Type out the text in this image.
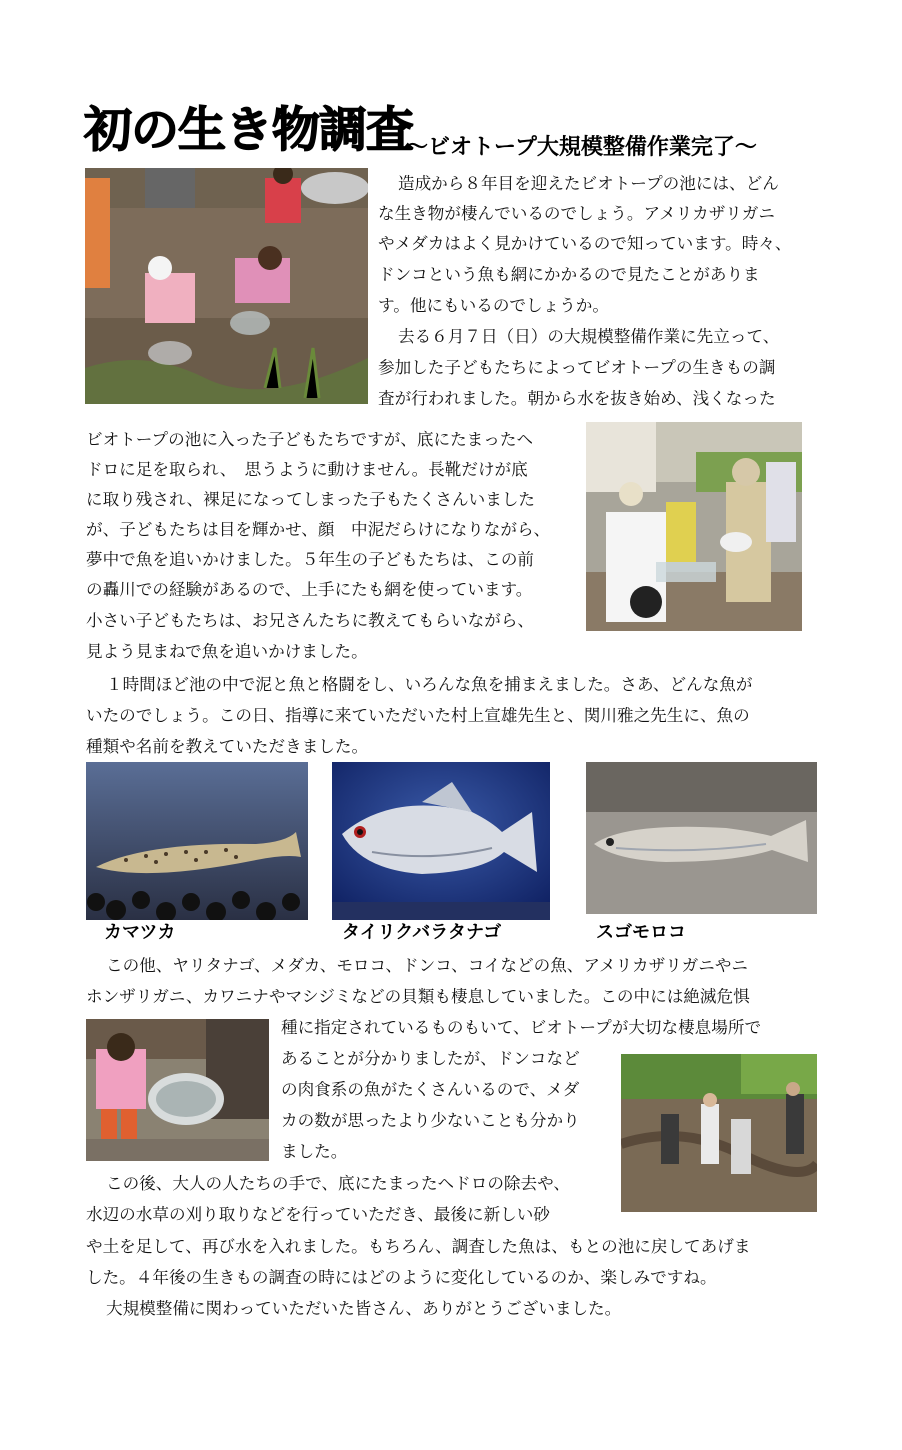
初の生き物調査
～ビオトープ大規模整備作業完了～
造成から８年目を迎えたビオトープの池には、どん
な生き物が棲んでいるのでしょう。アメリカザリガニ
やメダカはよく見かけているので知っています。時々、
ドンコという魚も網にかかるので見たことがありま
す。他にもいるのでしょうか。
去る６月７日（日）の大規模整備作業に先立って、
参加した子どもたちによってビオトープの生きもの調
査が行われました。朝から水を抜き始め、浅くなった
ビオトープの池に入った子どもたちですが、底にたまったヘ
ドロに足を取られ、　思うように動けません。長靴だけが底
に取り残され、裸足になってしまった子もたくさんいました
が、子どもたちは目を輝かせ、顔　中泥だらけになりながら、
夢中で魚を追いかけました。５年生の子どもたちは、この前
の轟川での経験があるので、上手にたも網を使っています。
小さい子どもたちは、お兄さんたちに教えてもらいながら、
見よう見まねで魚を追いかけました。
１時間ほど池の中で泥と魚と格闘をし、いろんな魚を捕まえました。さあ、どんな魚が
いたのでしょう。この日、指導に来ていただいた村上宣雄先生と、関川雅之先生に、魚の
種類や名前を教えていただきました。
カマツカ	タイリクバラタナゴ	スゴモロコ
この他、ヤリタナゴ、メダカ、モロコ、ドンコ、コイなどの魚、アメリカザリガニやニ
ホンザリガニ、カワニナやマシジミなどの貝類も棲息していました。この中には絶滅危惧
種に指定されているものもいて、ビオトープが大切な棲息場所で
あることが分かりましたが、ドンコなど
の肉食系の魚がたくさんいるので、メダ
カの数が思ったより少ないことも分かり
ました。
この後、大人の人たちの手で、底にたまったヘドロの除去や、
水辺の水草の刈り取りなどを行っていただき、最後に新しい砂
や土を足して、再び水を入れました。もちろん、調査した魚は、もとの池に戻してあげま
した。４年後の生きもの調査の時にはどのように変化しているのか、楽しみですね。
大規模整備に関わっていただいた皆さん、ありがとうございました。
